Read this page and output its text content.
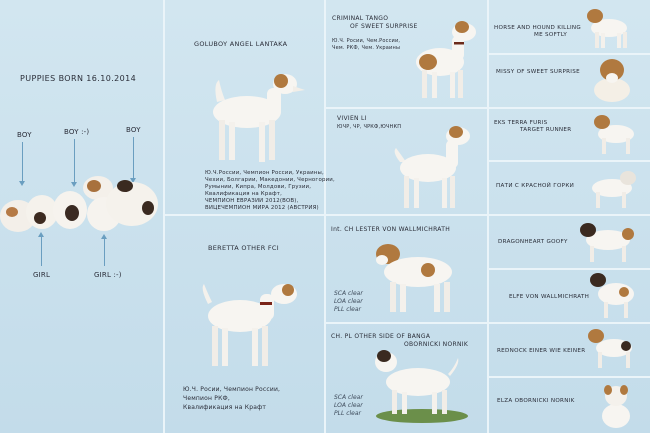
PUPPIES BORN 16.10.2014
BOY	BOY :-)	BOY
GIRL	GIRL :-)
GOLUBOY ANGEL LANTAKA
Ю.Ч.России, Чемпион России, Украины,
Чехии, Болгарии, Македонии, Черногории,
Румынии, Кипра, Молдови, Грузии,
Квалификация на Крафт,
ЧЕМПИОН ЕВРАЗИИ 2012(BOB),
ВИЦЕЧЕМПИОН МИРА 2012 (АВСТРИЯ)
BERETTA OTHER FCI
Ю.Ч. Росии, Чемпион России,
Чемпион РКФ,
Квалификация на Крафт
CRIMINAL TANGO
OF SWEET SURPRISE
Ю.Ч. Росии, Чем.России,
Чем. РКФ, Чем. Украины
VIVIEN LI
ЮЧР, ЧР, ЧРКФ,ЮЧНКП
Int. CH LESTER VON WALLMICHRATH
SCA clear
LOA clear
PLL clear
CH. PL OTHER SIDE OF BANGA
OBORNICKI NORNIK
SCA clear
LOA clear
PLL clear
HORSE AND HOUND KILLING
ME SOFTLY
MISSY OF SWEET SURPRISE
EKS TERRA FURIS
TARGET RUNNER
ПАТИ С КРАСНОЙ ГОРКИ
DRAGONHEART GOOFY
ELFE VON WALLMICHRATH
REDNOCK EINER WIE KEINER
ELZA OBORNICKI NORNIK
